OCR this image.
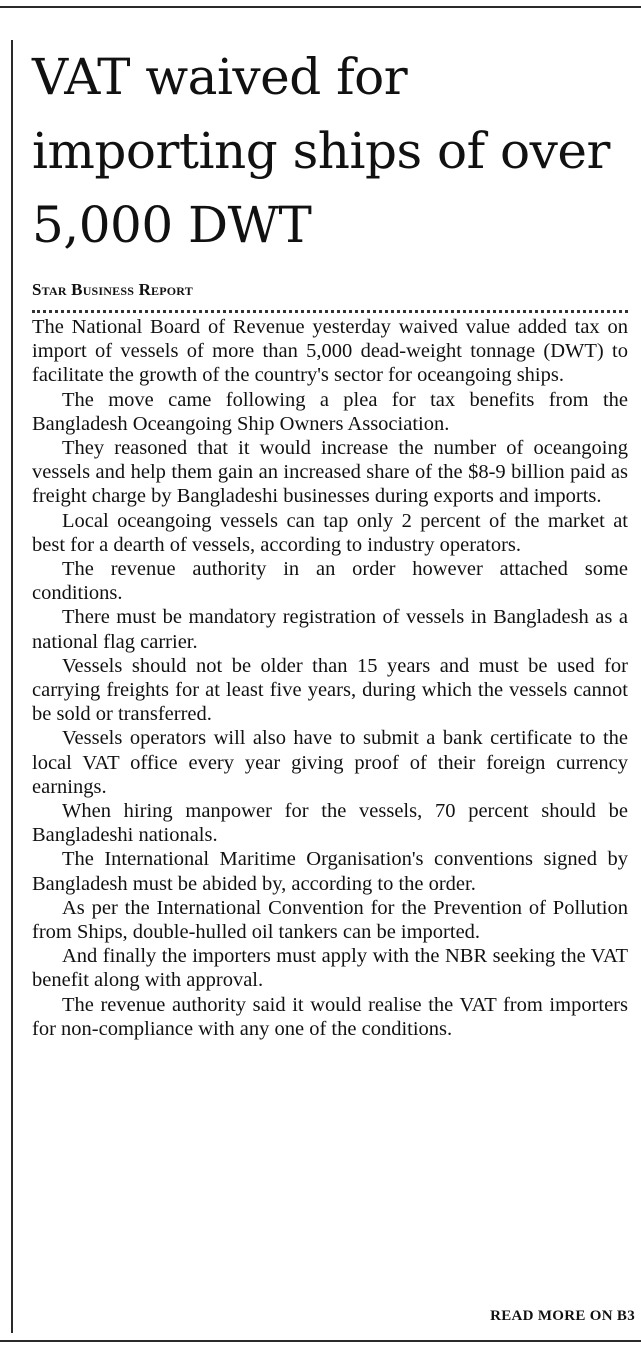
VAT waived for importing ships of over 5,000 DWT
Star Business Report

The National Board of Revenue yesterday waived value added tax on import of vessels of more than 5,000 dead-weight tonnage (DWT) to facilitate the growth of the country's sector for oceangoing ships.

The move came following a plea for tax benefits from the Bangladesh Oceangoing Ship Owners Association.

They reasoned that it would increase the number of oceangoing vessels and help them gain an increased share of the $8-9 billion paid as freight charge by Bangladeshi businesses during exports and imports.

Local oceangoing vessels can tap only 2 percent of the market at best for a dearth of vessels, according to industry operators.

The revenue authority in an order however attached some conditions.

There must be mandatory registration of vessels in Bangladesh as a national flag carrier.

Vessels should not be older than 15 years and must be used for carrying freights for at least five years, during which the vessels cannot be sold or transferred.

Vessels operators will also have to submit a bank certificate to the local VAT office every year giving proof of their foreign currency earnings.

When hiring manpower for the vessels, 70 percent should be Bangladeshi nationals.

The International Maritime Organisation's conventions signed by Bangladesh must be abided by, according to the order.

As per the International Convention for the Prevention of Pollution from Ships, double-hulled oil tankers can be imported.

And finally the importers must apply with the NBR seeking the VAT benefit along with approval.

The revenue authority said it would realise the VAT from importers for non-compliance with any one of the conditions.

READ MORE ON B3
